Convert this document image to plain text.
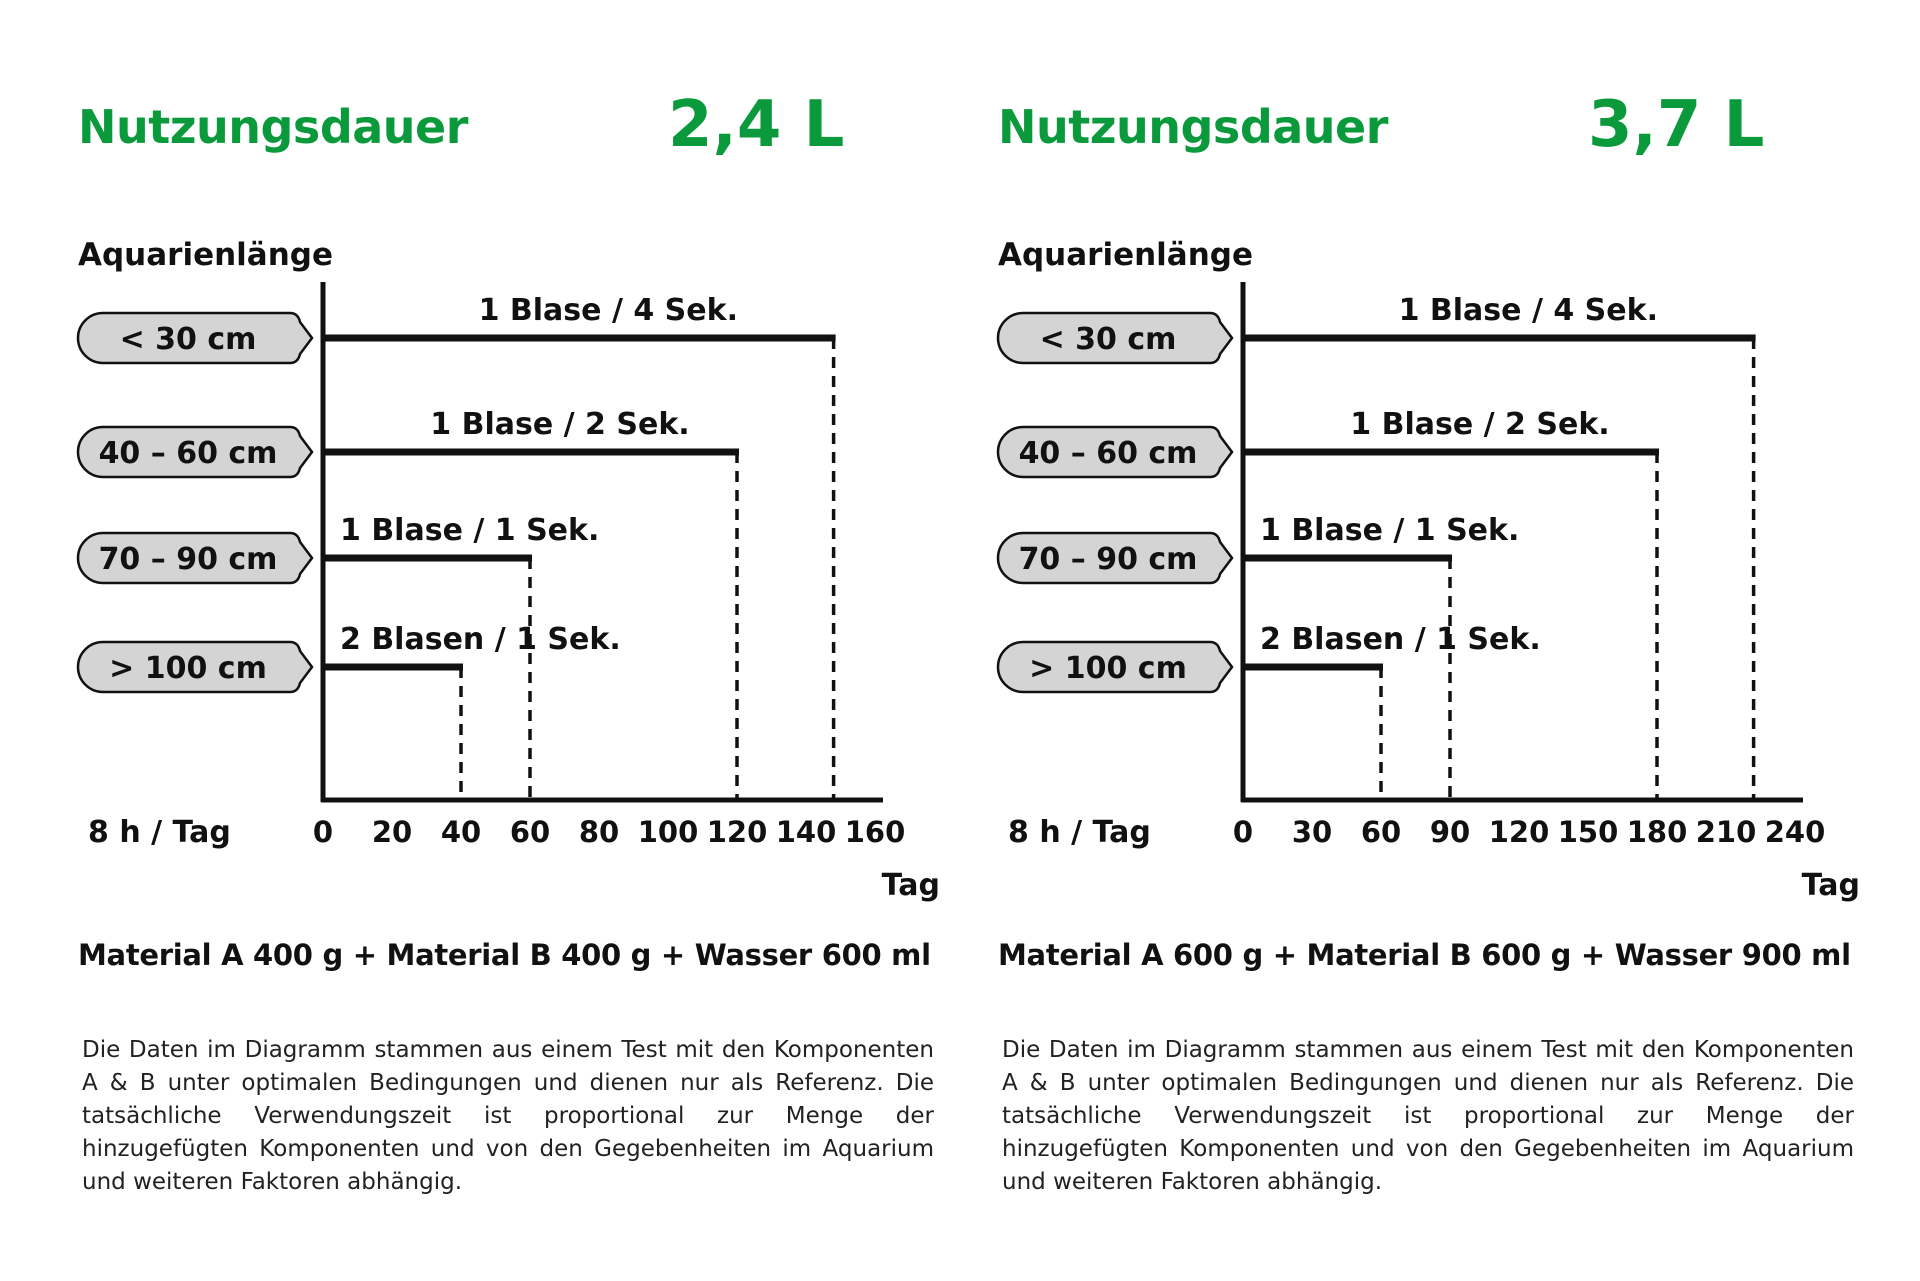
Nutzungsdauer	2,4 L
Aquarienlänge
< 30 cm
1 Blase / 4 Sek.
40 – 60 cm
1 Blase / 2 Sek.
70 – 90 cm
1 Blase / 1 Sek.
> 100 cm
2 Blasen / 1 Sek.
0 20 40 60 80 100 120 140 160
8 h / Tag
Tag
Material A 400 g + Material B 400 g + Wasser 600 ml
Die Daten im Diagramm stammen aus einem Test mit den Komponenten A & B unter optimalen Bedingungen und dienen nur als Referenz. Die tatsächliche Verwendungszeit ist proportional zur Menge der hinzugefügten Komponenten und von den Gegebenheiten im Aquarium und weiteren Faktoren abhängig.
Nutzungsdauer	3,7 L
Aquarienlänge
< 30 cm
1 Blase / 4 Sek.
40 – 60 cm
1 Blase / 2 Sek.
70 – 90 cm
1 Blase / 1 Sek.
> 100 cm
2 Blasen / 1 Sek.
0 30 60 90 120 150 180 210 240
8 h / Tag
Tag
Material A 600 g + Material B 600 g + Wasser 900 ml
Die Daten im Diagramm stammen aus einem Test mit den Komponenten A & B unter optimalen Bedingungen und dienen nur als Referenz. Die tatsächliche Verwendungszeit ist proportional zur Menge der hinzugefügten Komponenten und von den Gegebenheiten im Aquarium und weiteren Faktoren abhängig.
